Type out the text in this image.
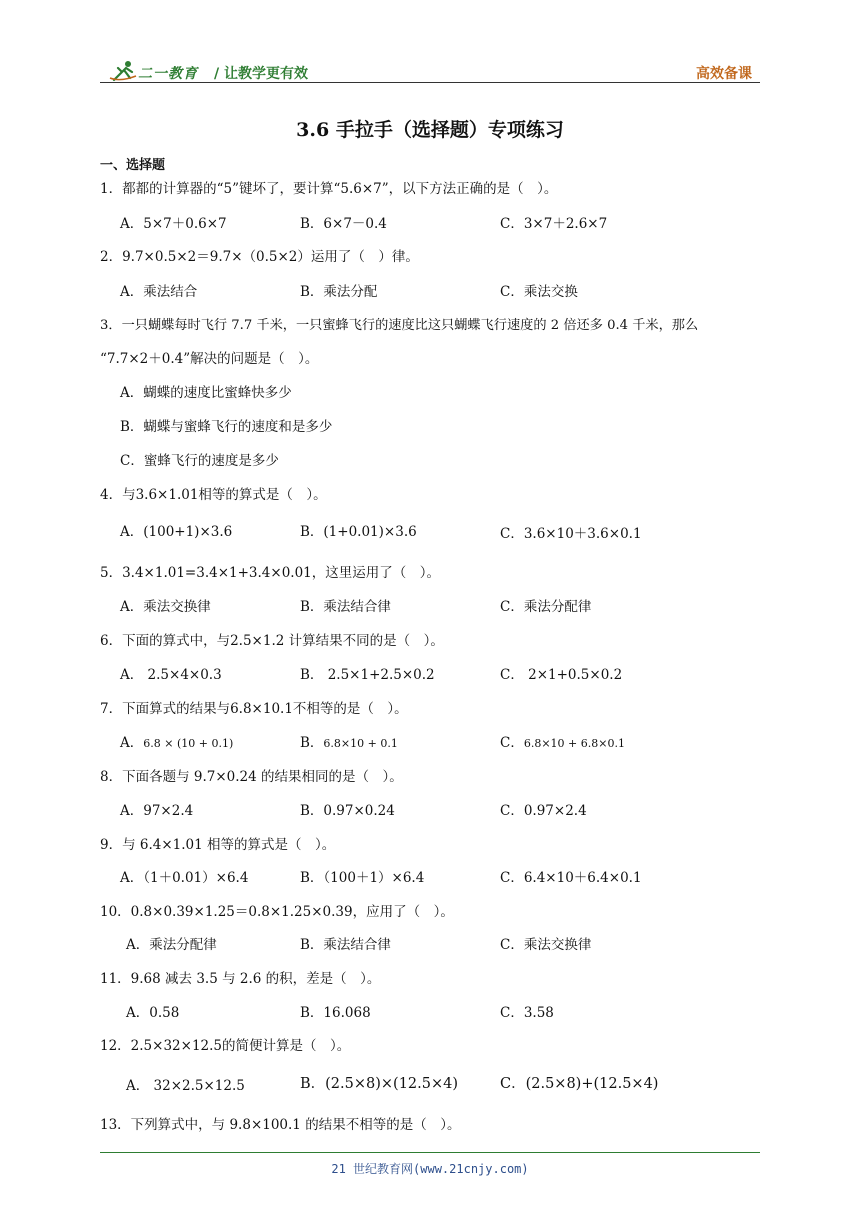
二一教育 / 让教学更有效	高效备课
3.6 手拉手（选择题）专项练习
一、选择题
1．都都的计算器的“5”键坏了，要计算“5.6×7”，以下方法正确的是（　）。
A．5×7＋0.6×7	B．6×7－0.4	C．3×7＋2.6×7
2．9.7×0.5×2＝9.7×（0.5×2）运用了（　）律。
A．乘法结合	B．乘法分配	C．乘法交换
3．一只蝴蝶每时飞行 7.7 千米，一只蜜蜂飞行的速度比这只蝴蝶飞行速度的 2 倍还多 0.4 千米，那么
“7.7×2＋0.4”解决的问题是（　）。
A．蝴蝶的速度比蜜蜂快多少
B．蝴蝶与蜜蜂飞行的速度和是多少
C．蜜蜂飞行的速度是多少
4．与3.6×1.01相等的算式是（　）。
A．(100+1)×3.6	B．(1+0.01)×3.6	C．3.6×10＋3.6×0.1
5．3.4×1.01=3.4×1+3.4×0.01，这里运用了（　）。
A．乘法交换律	B．乘法结合律	C．乘法分配律
6．下面的算式中，与2.5×1.2 计算结果不同的是（　）。
A． 2.5×4×0.3	B． 2.5×1+2.5×0.2	C． 2×1+0.5×0.2
7．下面算式的结果与6.8×10.1不相等的是（　）。
A．6.8 × (10 + 0.1)	B．6.8×10 + 0.1	C．6.8×10 + 6.8×0.1
8．下面各题与 9.7×0.24 的结果相同的是（　）。
A．97×2.4	B．0.97×0.24	C．0.97×2.4
9．与 6.4×1.01 相等的算式是（　）。
A．（1＋0.01）×6.4	B．（100＋1）×6.4	C．6.4×10＋6.4×0.1
10．0.8×0.39×1.25＝0.8×1.25×0.39，应用了（　）。
A．乘法分配律	B．乘法结合律	C．乘法交换律
11．9.68 减去 3.5 与 2.6 的积，差是（　）。
A．0.58	B．16.068	C．3.58
12．2.5×32×12.5的简便计算是（　）。
A． 32×2.5×12.5	B．(2.5×8)×(12.5×4)	C．(2.5×8)+(12.5×4)
13．下列算式中，与 9.8×100.1 的结果不相等的是（　）。
21 世纪教育网(www.21cnjy.com)
